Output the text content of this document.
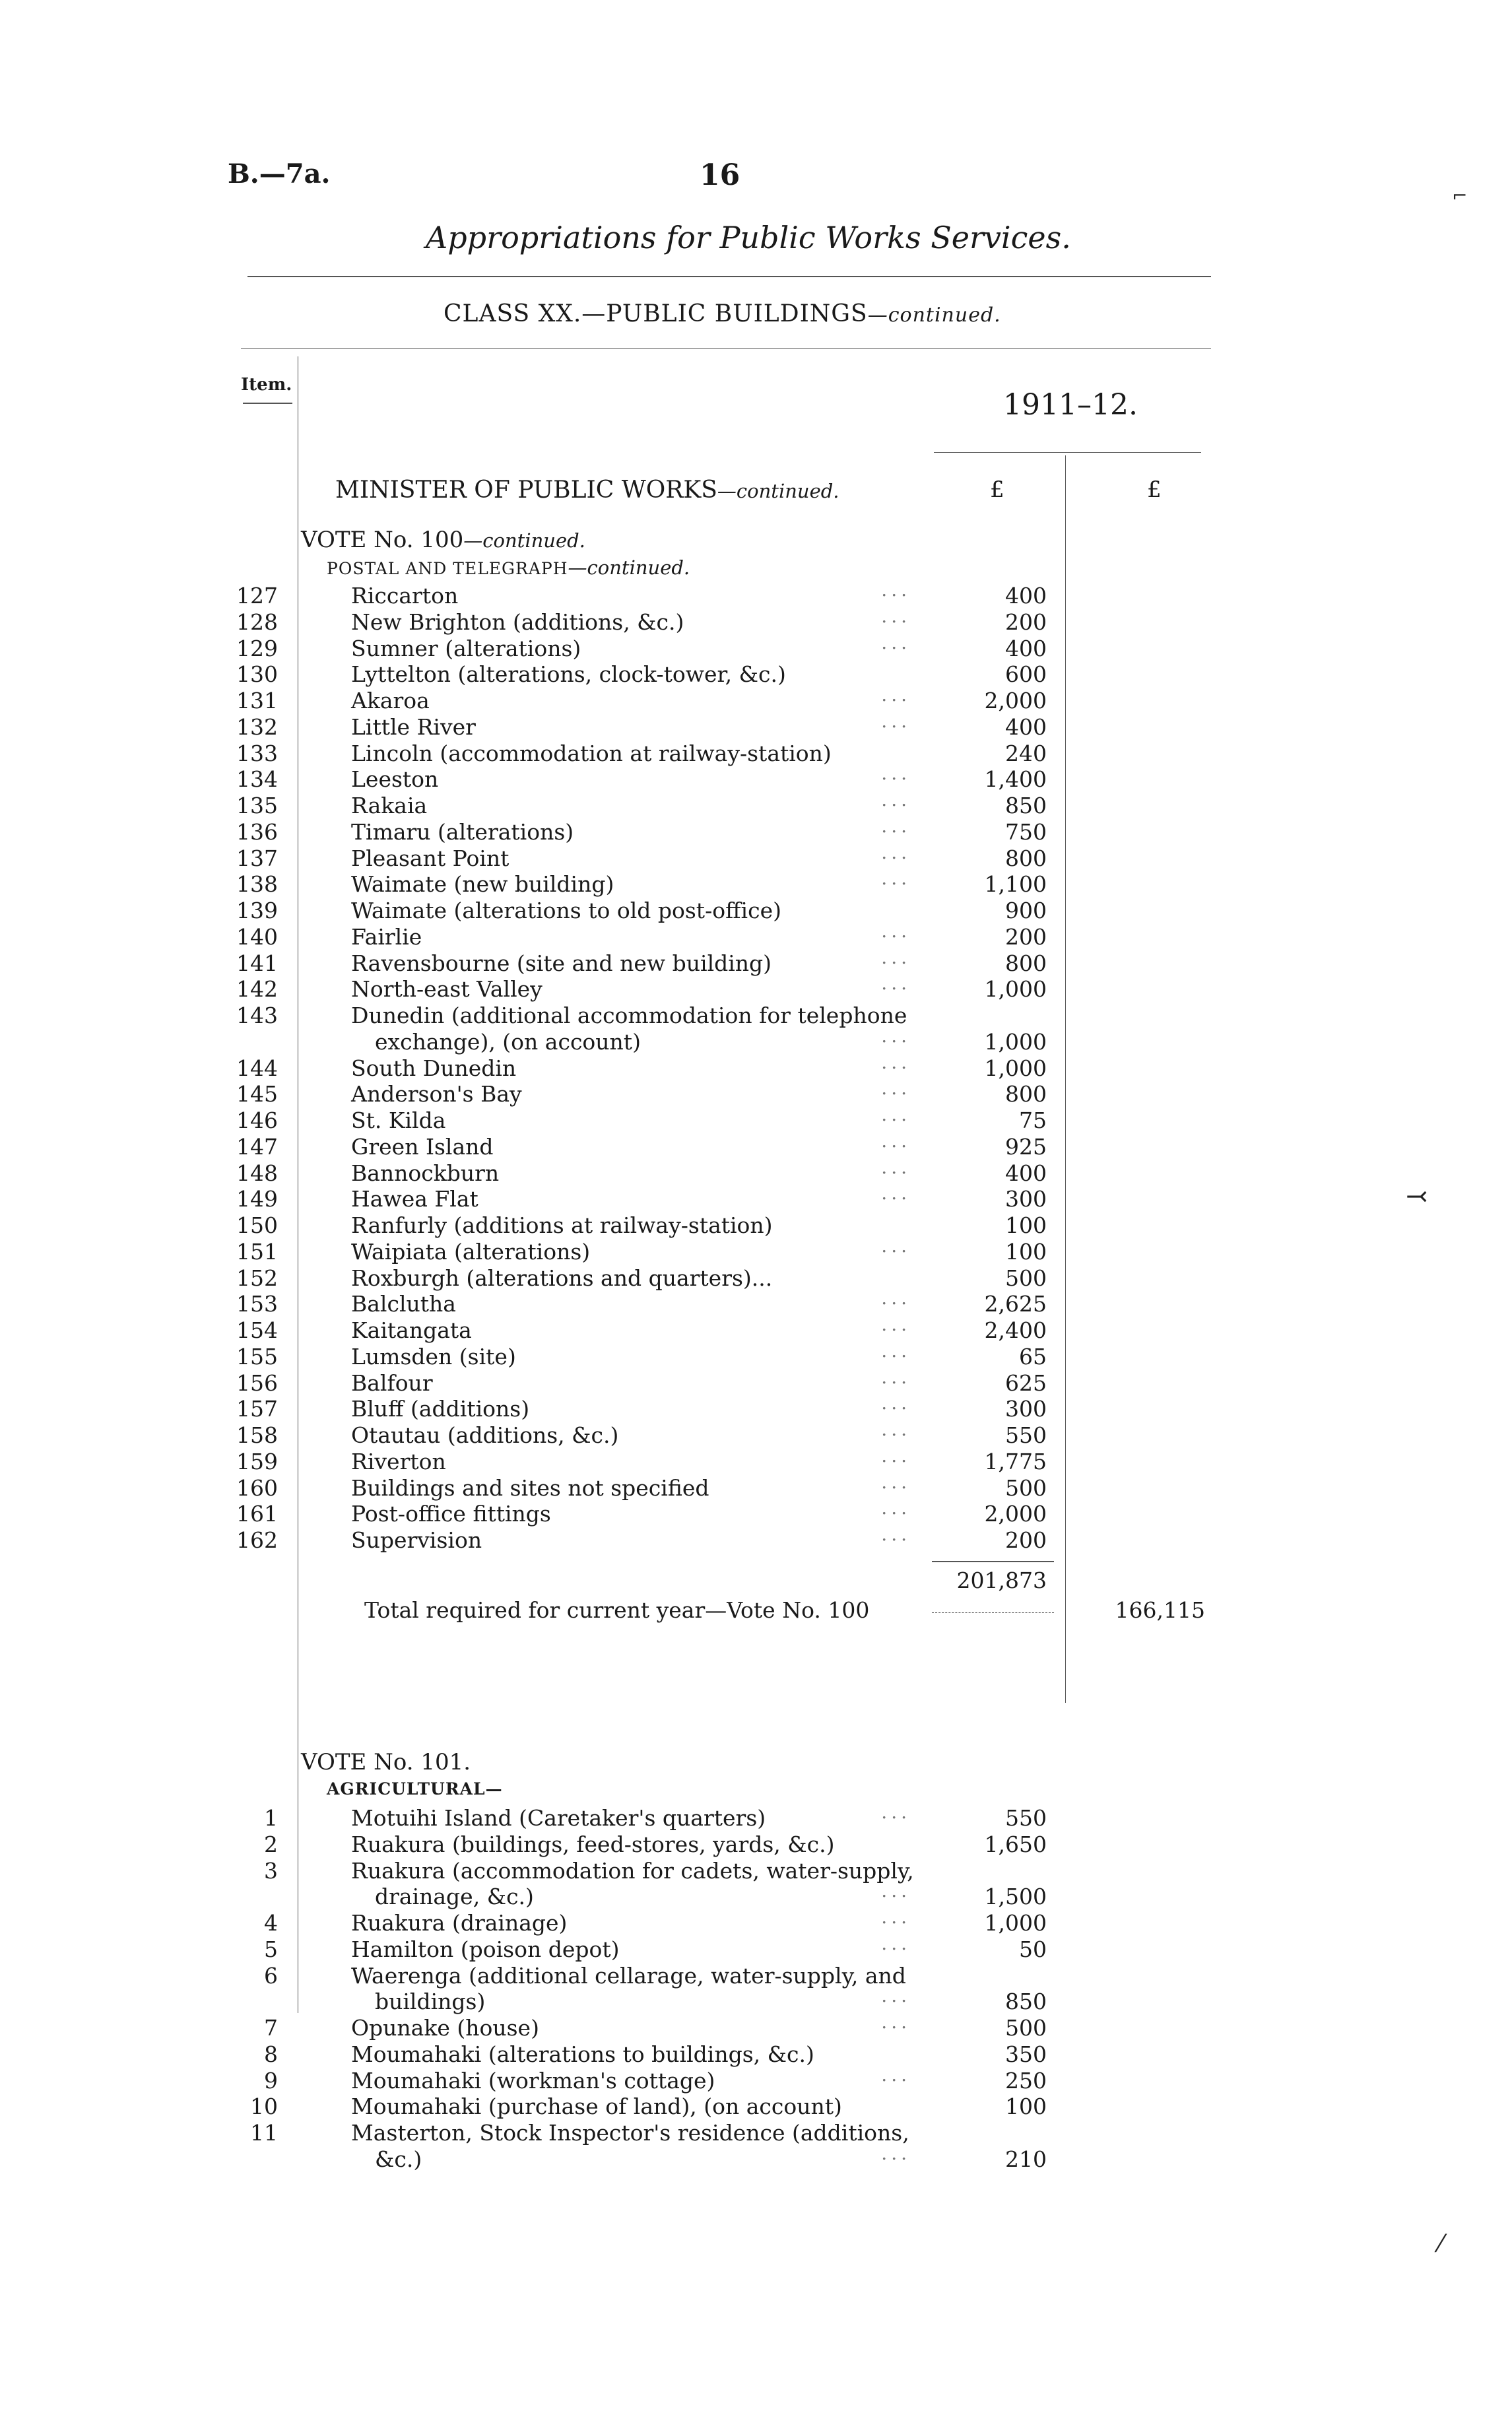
B.—7a.	16
Appropriations for Public Works Services.
CLASS XX.—PUBLIC BUILDINGS—continued.
Item.
1911–12.
MINISTER OF PUBLIC WORKS—continued.	£	£
VOTE No. 100—continued.
POSTAL AND TELEGRAPH—continued.
127	Riccarton	...	400
128	New Brighton (additions, &c.)	...	200
129	Sumner (alterations)	...	400
130	Lyttelton (alterations, clock-tower, &c.)	600
131	Akaroa	...	2,000
132	Little River	...	400
133	Lincoln (accommodation at railway-station)	240
134	Leeston	...	1,400
135	Rakaia	...	850
136	Timaru (alterations)	...	750
137	Pleasant Point	...	800
138	Waimate (new building)	...	1,100
139	Waimate (alterations to old post-office)	900
140	Fairlie	...	200
141	Ravensbourne (site and new building)	...	800
142	North-east Valley	...	1,000
143	Dunedin (additional accommodation for telephone
exchange), (on account)	...	1,000
144	South Dunedin	...	1,000
145	Anderson's Bay	...	800
146	St. Kilda	...	75
147	Green Island	...	925
148	Bannockburn	...	400
149	Hawea Flat	...	300
150	Ranfurly (additions at railway-station)	100
151	Waipiata (alterations)	...	100
152	Roxburgh (alterations and quarters)...	500
153	Balclutha	...	2,625
154	Kaitangata	...	2,400
155	Lumsden (site)	...	65
156	Balfour	...	625
157	Bluff (additions)	...	300
158	Otautau (additions, &c.)	...	550
159	Riverton	...	1,775
160	Buildings and sites not specified	...	500
161	Post-office fittings	...	2,000
162	Supervision	...	200
201,873
Total required for current year—Vote No. 100	166,115
VOTE No. 101.
AGRICULTURAL—
1	Motuihi Island (Caretaker's quarters)	...	550
2	Ruakura (buildings, feed-stores, yards, &c.)	1,650
3	Ruakura (accommodation for cadets, water-supply,
drainage, &c.)	...	1,500
4	Ruakura (drainage)	...	1,000
5	Hamilton (poison depot)	...	50
6	Waerenga (additional cellarage, water-supply, and
buildings)	...	850
7	Opunake (house)	...	500
8	Moumahaki (alterations to buildings, &c.)	350
9	Moumahaki (workman's cottage)	...	250
10	Moumahaki (purchase of land), (on account)	100
11	Masterton, Stock Inspector's residence (additions,
&c.)	...	210
⌐
⤙
⁄
